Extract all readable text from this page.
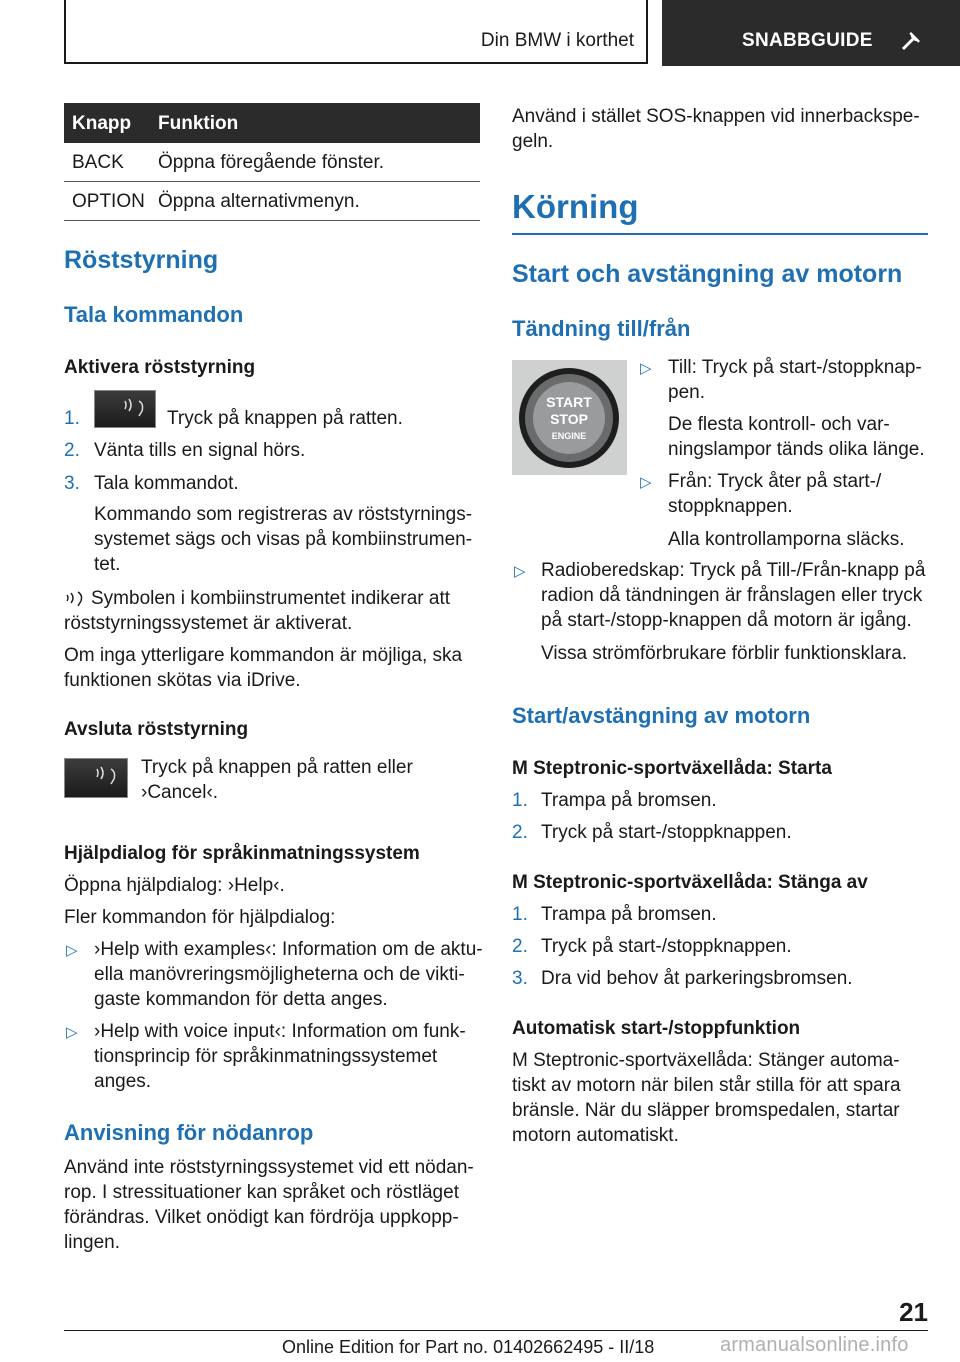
Din BMW i korthet	SNABBGUIDE
Knapp	Funktion
BACK	Öppna föregående fönster.
OPTION	Öppna alternativmenyn.
Röststyrning
Tala kommandon
Aktivera röststyrning
1.	Tryck på knappen på ratten.
2. Vänta tills en signal hörs.
3. Tala kommandot.
Kommando som registreras av röststyrnings-
systemet sägs och visas på kombiinstrumen-
tet.
Symbolen i kombiinstrumentet indikerar att
röststyrningssystemet är aktiverat.
Om inga ytterligare kommandon är möjliga, ska
funktionen skötas via iDrive.
Avsluta röststyrning
Tryck på knappen på ratten eller
›Cancel‹.
Hjälpdialog för språkinmatningssystem
Öppna hjälpdialog: ›Help‹.
Fler kommandon för hjälpdialog:
▷ ›Help with examples‹: Information om de aktu-
ella manövreringsmöjligheterna och de vikti-
gaste kommandon för detta anges.
▷ ›Help with voice input‹: Information om funk-
tionsprincip för språkinmatningssystemet
anges.
Anvisning för nödanrop
Använd inte röststyrningssystemet vid ett nödan-
rop. I stressituationer kan språket och röstläget
förändras. Vilket onödigt kan fördröja uppkopp-
lingen.
Använd i stället SOS-knappen vid innerbackspe-
geln.
Körning
Start och avstängning av motorn
Tändning till/från
START
STOP
ENGINE
▷ Till: Tryck på start-/stoppknap-
pen.
De flesta kontroll- och var-
ningslampor tänds olika länge.
▷ Från: Tryck åter på start-/
stoppknappen.
Alla kontrollamporna släcks.
▷ Radioberedskap: Tryck på Till-/Från-knapp på
radion då tändningen är frånslagen eller tryck
på start-/stopp-knappen då motorn är igång.
Vissa strömförbrukare förblir funktionsklara.
Start/avstängning av motorn
M Steptronic-sportväxellåda: Starta
1. Trampa på bromsen.
2. Tryck på start-/stoppknappen.
M Steptronic-sportväxellåda: Stänga av
1. Trampa på bromsen.
2. Tryck på start-/stoppknappen.
3. Dra vid behov åt parkeringsbromsen.
Automatisk start-/stoppfunktion
M Steptronic-sportväxellåda: Stänger automa-
tiskt av motorn när bilen står stilla för att spara
bränsle. När du släpper bromspedalen, startar
motorn automatiskt.
21
Online Edition for Part no. 01402662495 - II/18	armanualsonline.info
